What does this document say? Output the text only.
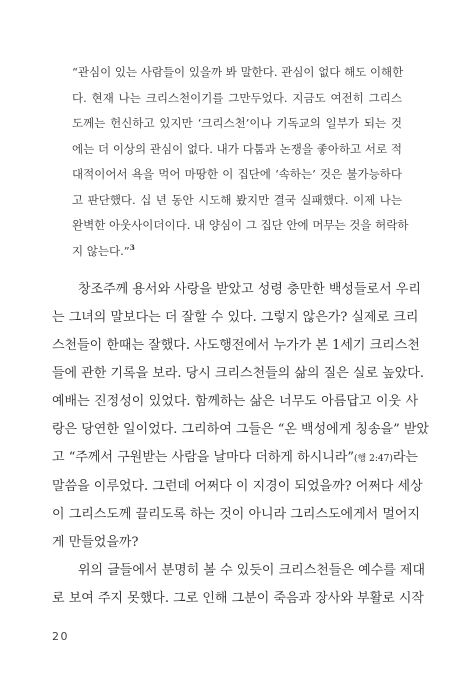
“관심이 있는 사람들이 있을까 봐 말한다. 관심이 없다 해도 이해한
다. 현재 나는 크리스천이기를 그만두었다. 지금도 여전히 그리스
도께는 헌신하고 있지만 ‘크리스천’이나 기독교의 일부가 되는 것
에는 더 이상의 관심이 없다. 내가 다툼과 논쟁을 좋아하고 서로 적
대적이어서 욕을 먹어 마땅한 이 집단에 ‘속하는’ 것은 불가능하다
고 판단했다. 십 년 동안 시도해 봤지만 결국 실패했다. 이제 나는
완벽한 아웃사이더이다. 내 양심이 그 집단 안에 머무는 것을 허락하
지 않는다.”$^3$
창조주께 용서와 사랑을 받았고 성령 충만한 백성들로서 우리
는 그녀의 말보다는 더 잘할 수 있다. 그렇지 않은가? 실제로 크리
스천들이 한때는 잘했다. 사도행전에서 누가가 본 1세기 크리스천
들에 관한 기록을 보라. 당시 크리스천들의 삶의 질은 실로 높았다.
예배는 진정성이 있었다. 함께하는 삶은 너무도 아름답고 이웃 사
랑은 당연한 일이었다. 그리하여 그들은 “온 백성에게 칭송을” 받았
고 “주께서 구원받는 사람을 날마다 더하게 하시니라”(행 2:47)라는
말씀을 이루었다. 그런데 어쩌다 이 지경이 되었을까? 어쩌다 세상
이 그리스도께 끌리도록 하는 것이 아니라 그리스도에게서 멀어지
게 만들었을까?
위의 글들에서 분명히 볼 수 있듯이 크리스천들은 예수를 제대
로 보여 주지 못했다. 그로 인해 그분이 죽음과 장사와 부활로 시작
20
